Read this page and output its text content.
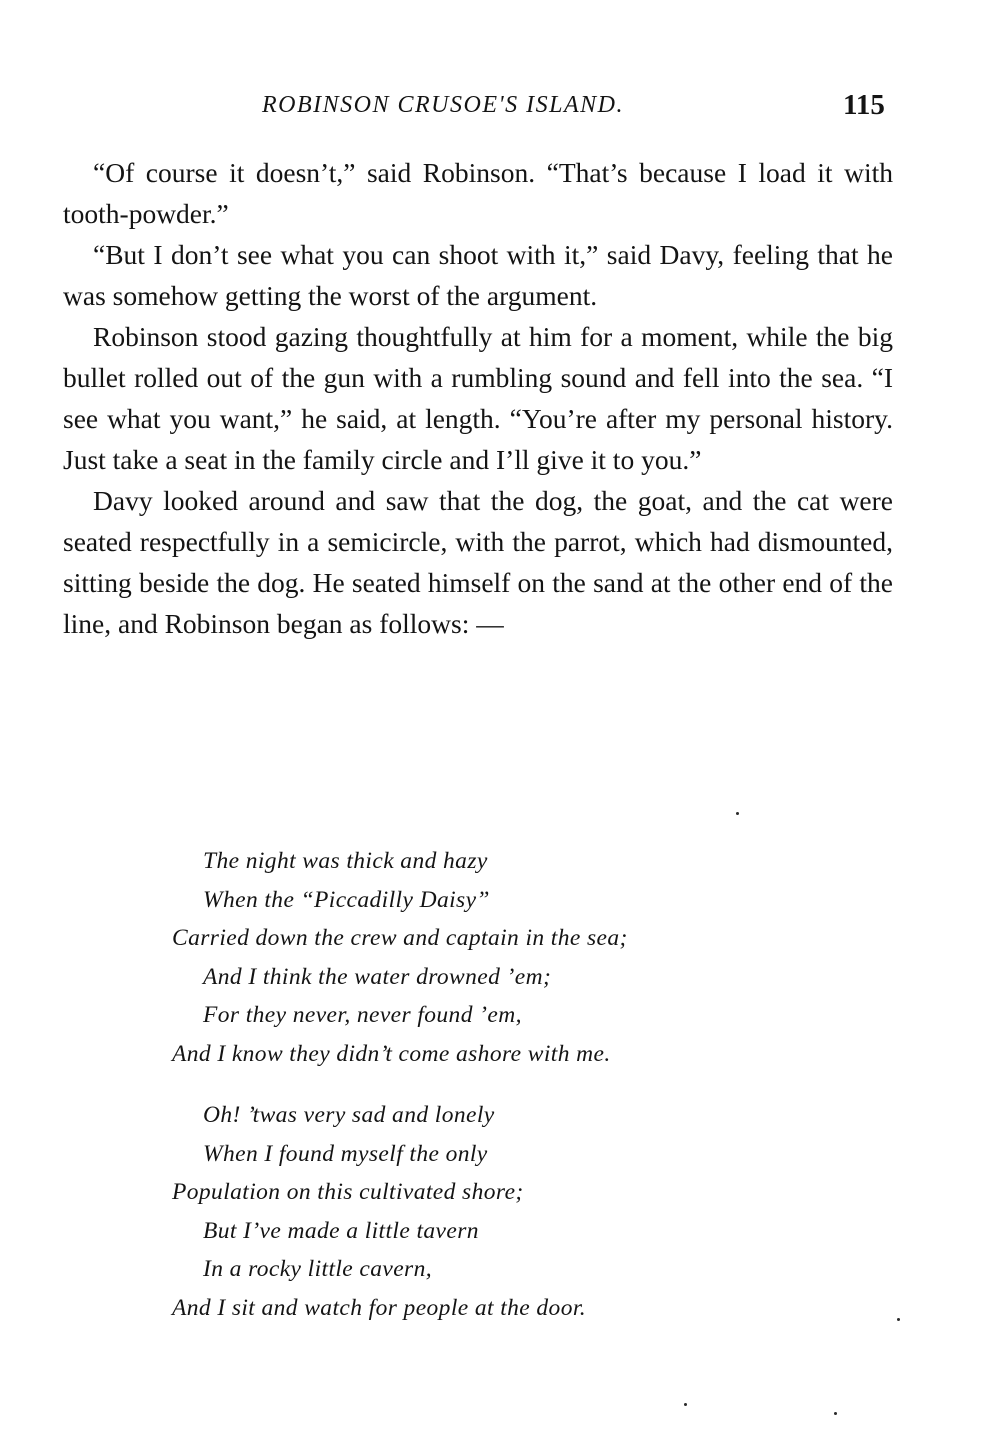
ROBINSON CRUSOE'S ISLAND.	115

“Of course it doesn’t,” said Robinson. “That’s because I load it with tooth-powder.”

“But I don’t see what you can shoot with it,” said Davy, feeling that he was somehow getting the worst of the argument.

Robinson stood gazing thoughtfully at him for a moment, while the big bullet rolled out of the gun with a rumbling sound and fell into the sea. “I see what you want,” he said, at length. “You’re after my personal history. Just take a seat in the family circle and I’ll give it to you.”

Davy looked around and saw that the dog, the goat, and the cat were seated respectfully in a semicircle, with the parrot, which had dismounted, sitting beside the dog. He seated himself on the sand at the other end of the line, and Robinson began as follows: —

The night was thick and hazy
When the “Piccadilly Daisy”
Carried down the crew and captain in the sea;
And I think the water drowned ’em;
For they never, never found ’em,
And I know they didn’t come ashore with me.
Oh! ’twas very sad and lonely
When I found myself the only
Population on this cultivated shore;
But I’ve made a little tavern
In a rocky little cavern,
And I sit and watch for people at the door.
